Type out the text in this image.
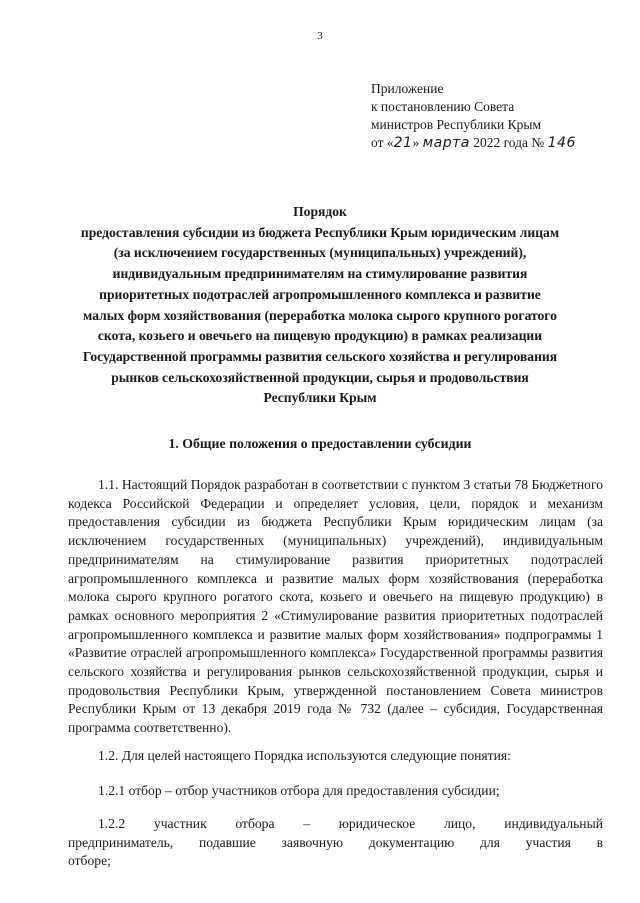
3
Приложение
к постановлению Совета
министров Республики Крым
от «21» марта 2022 года № 146
Порядок
предоставления субсидии из бюджета Республики Крым юридическим лицам
(за исключением государственных (муниципальных) учреждений),
индивидуальным предпринимателям на стимулирование развития
приоритетных подотраслей агропромышленного комплекса и развитие
малых форм хозяйствования (переработка молока сырого крупного рогатого
скота, козьего и овечьего на пищевую продукцию) в рамках реализации
Государственной программы развития сельского хозяйства и регулирования
рынков сельскохозяйственной продукции, сырья и продовольствия
Республики Крым
1. Общие положения о предоставлении субсидии

1.1. Настоящий Порядок разработан в соответствии с пунктом 3 статьи 78 Бюджетного кодекса Российской Федерации и определяет условия, цели, порядок и механизм предоставления субсидии из бюджета Республики Крым юридическим лицам (за исключением государственных (муниципальных) учреждений), индивидуальным предпринимателям на стимулирование развития приоритетных подотраслей агропромышленного комплекса и развитие малых форм хозяйствования (переработка молока сырого крупного рогатого скота, козьего и овечьего на пищевую продукцию) в рамках основного мероприятия 2 «Стимулирование развития приоритетных подотраслей агропромышленного комплекса и развитие малых форм хозяйствования» подпрограммы 1 «Развитие отраслей агропромышленного комплекса» Государственной программы развития сельского хозяйства и регулирования рынков сельскохозяйственной продукции, сырья и продовольствия Республики Крым, утвержденной постановлением Совета министров Республики Крым от 13 декабря 2019 года № 732 (далее – субсидия, Государственная программа соответственно).

1.2. Для целей настоящего Порядка используются следующие понятия:

1.2.1 отбор – отбор участников отбора для предоставления субсидии;

1.2.2 участник отбора – юридическое лицо, индивидуальный предприниматель, подавшие заявочную документацию для участия в отборе;
